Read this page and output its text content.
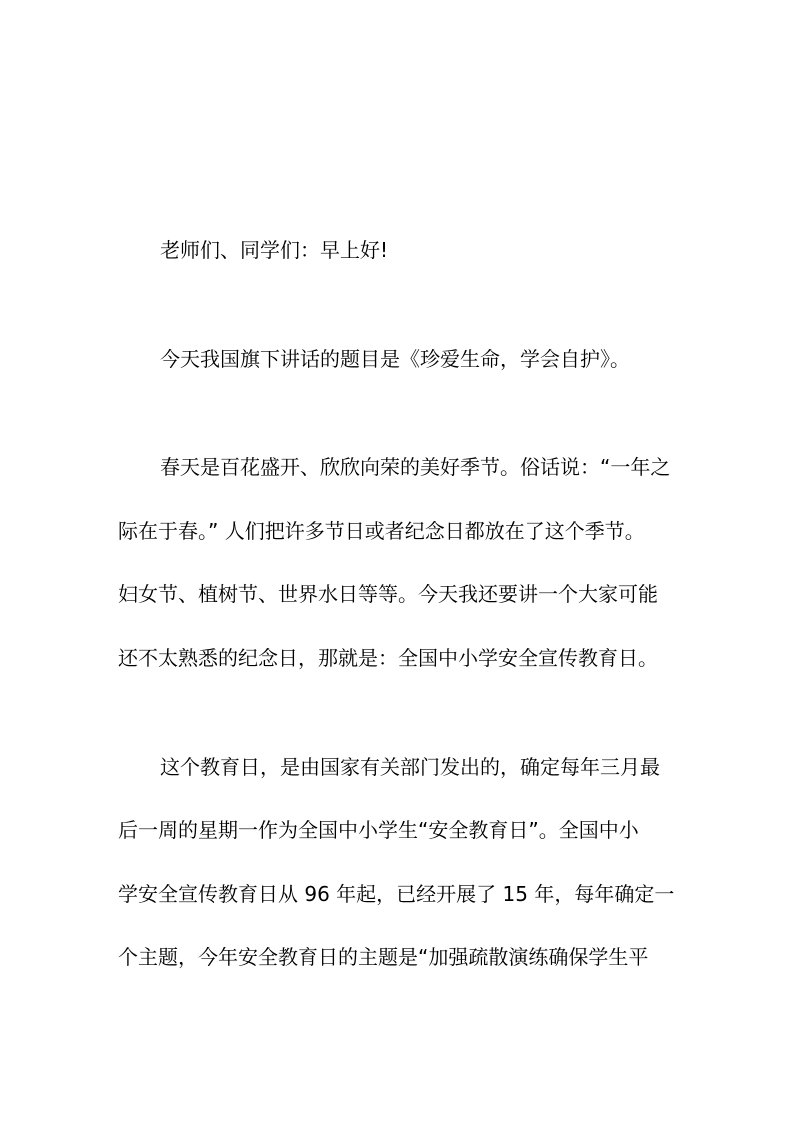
老师们、同学们：早上好!

今天我国旗下讲话的题目是《珍爱生命，学会自护》。

春天是百花盛开、欣欣向荣的美好季节。俗话说：“一年之
际在于春。” 人们把许多节日或者纪念日都放在了这个季节。
妇女节、植树节、世界水日等等。今天我还要讲一个大家可能
还不太熟悉的纪念日，那就是：全国中小学安全宣传教育日。

这个教育日，是由国家有关部门发出的，确定每年三月最
后一周的星期一作为全国中小学生“安全教育日”。全国中小
学安全宣传教育日从 96 年起，已经开展了 15 年，每年确定一
个主题，今年安全教育日的主题是“加强疏散演练确保学生平
